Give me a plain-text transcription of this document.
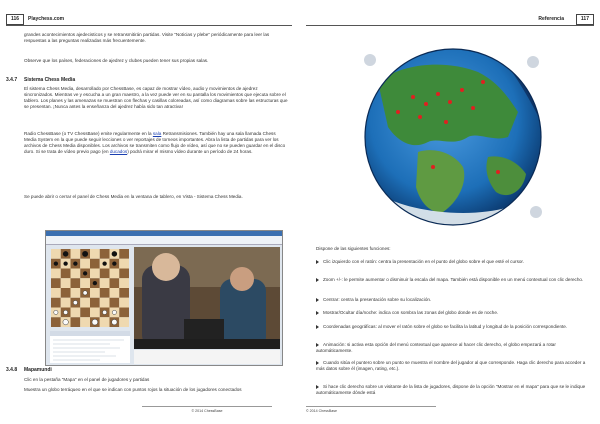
116	Playchess.com
grandes acontecimientos ajedecisticos y se retransmitirán partidas. Visite "Noticias y plebe" periódicamente para leer las respuestas a las preguntas realizadas más frecuentemente.
Observe que los países, federaciones de ajedrez y clubes pueden tener sus propias salas.
3.4.7 Sistema Chess Media
El sistema Chess Media, desarrollado por ChessBase, es capaz de mostrar vídeo, audio y movimientos de ajedrez sincronizados. Mientras ve y escucha a un gran maestro, a la vez puede ver en su pantalla los movimientos que ejecuta sobre el tablero. Los planes y las amenazas se muestran con flechas y casillas coloreadas, así como diagramas sobre las estructuras que se presentan. ¡Nunca antes la enseñanza del ajedrez había sido tan atractiva!
Radio ChessBase (o TV ChessBase) emite regularmente en la sala Retransmisiones. También hay una sala llamada Chess Media System en la que puede seguir lecciones o ver reportajes de torneos importantes. Abra la lista de partidas para ver los archivos de Chess Media disponibles. Los archivos se transmiten como flujo de vídeo, así que no se pueden guardar en el disco duro. Si se trata de vídeo previo pago (en ducados) podrá mirar el mismo vídeo durante un período de 24 horas.
Se puede abrir o cerrar el panel de Chess Media en la ventana de tablero, en Vista - Sistema Chess Media.
3.4.8 Mapamundi
Clic en la pestaña "Mapa" en el panel de jugadores y partidas
Muestra un globo terráqueo en el que se indican con puntos rojos la situación de los jugadores conectados
© 2014 ChessBase
Referencia	117
Dispone de las siguientes funciones:
Clic izquierdo con el ratón: centra la presentación en el punto del globo sobre el que esté el cursor.
Zoom +/-: le permite aumentar o disminuir la escala del mapa. También está disponible en un menú contextual con clic derecho.
Centrar: centra la presentación sobre su localización.
Mostrar/Ocultar día/noche: indica con sombra las zonas del globo donde es de noche.
Coordenadas geográficas: al mover el ratón sobre el globo se facilita la latitud y longitud de la posición correspondiente.
Animación: si activa esta opción del menú contextual que aparece al hacer clic derecho, el globo empezará a rotar automáticamente.
Cuando sitúa el puntero sobre un punto se muestra el nombre del jugador al que corresponde. Haga clic derecho para acceder a más datos sobre él (imagen, rating, etc.).
Si hace clic derecho sobre un visitante de la lista de jugadores, dispone de la opción "Mostrar en el mapa" para que se le indique automáticamente dónde está
© 2014 ChessBase
